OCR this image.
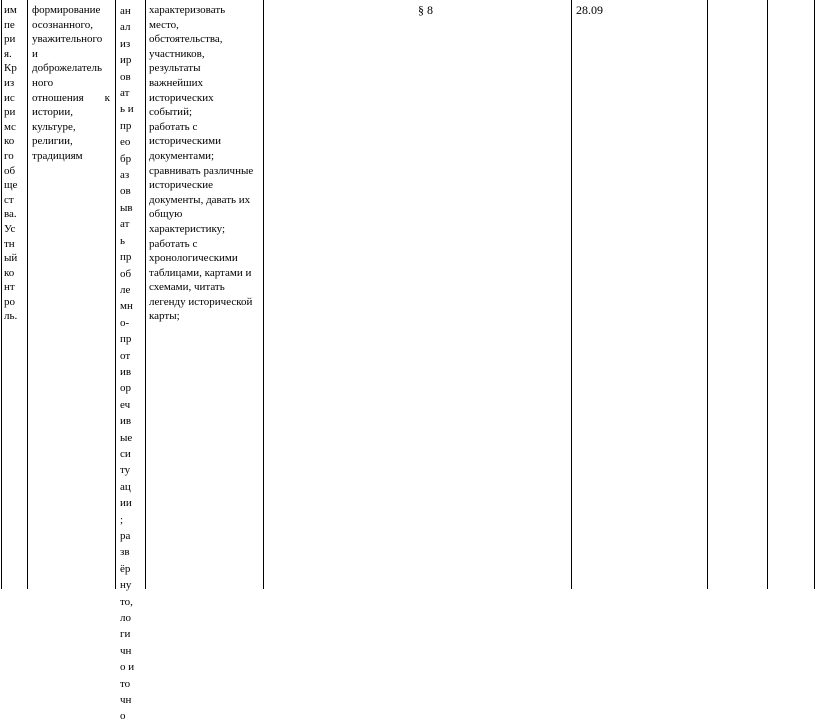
им
пе
ри
я.
Кр
из
ис
ри
мс
ко
го
об
ще
ст
ва.
Ус
тн
ый
ко
нт
ро
ль.
формирование
осознанного,
уважительного
и
доброжелатель
ного
отношения к
истории,
культуре,
религии,
традициям
ан
ал
из
ир
ов
ат
ь и
пр
ео
бр
аз
ов
ыв
ат
ь
пр
об
ле
мн
о-
пр
от
ив
ор
еч
ив
ые
си
ту
ац
ии
;
ра
зв
ёр
ну
то,
ло
ги
чн
о и
то
чн
о
характеризовать
место,
обстоятельства,
участников,
результаты
важнейших
исторических
событий;
работать с
историческими
документами;
сравнивать различные
исторические
документы, давать их
общую
характеристику;
работать с
хронологическими
таблицами, картами и
схемами, читать
легенду исторической
карты;
§ 8	28.09
